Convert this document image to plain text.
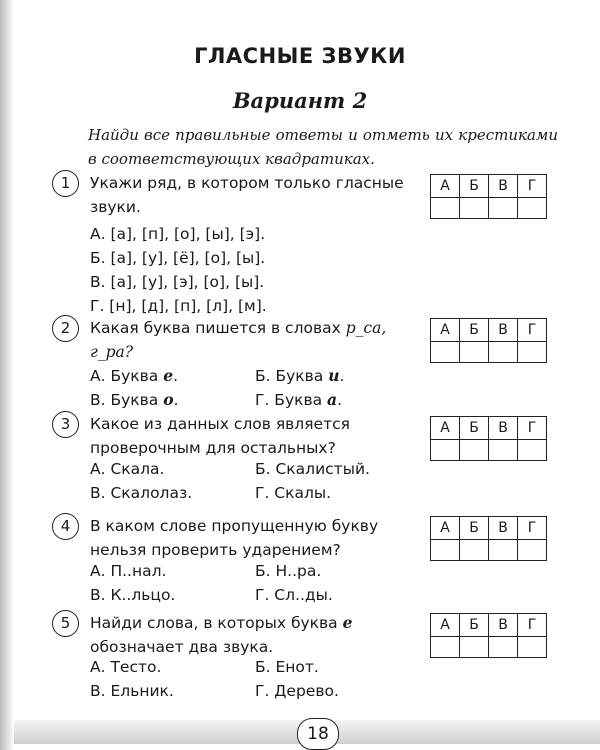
ГЛАСНЫЕ ЗВУКИ
Вариант 2
Найди все правильные ответы и отметь их крестиками в соответствующих квадратиках.
1	Укажи ряд, в котором только гласные звуки.
А. [а], [п], [о], [ы], [э].
Б. [а], [у], [ё], [о], [ы].
В. [а], [у], [э], [о], [ы].
Г. [н], [д], [п], [л], [м].
А	Б	В	Г

2	Какая буква пишется в словах р_са, г_ра?
А. Буква е.	Б. Буква и.
В. Буква о.	Г. Буква а.
А	Б	В	Г

3	Какое из данных слов является проверочным для остальных?
А. Скала.	Б. Скалистый.
В. Скалолаз.	Г. Скалы.
А	Б	В	Г

4	В каком слове пропущенную букву нельзя проверить ударением?
А. П..нал.	Б. Н..ра.
В. К..льцо.	Г. Сл..ды.
А	Б	В	Г

5	Найди слова, в которых буква е обозначает два звука.
А. Тесто.	Б. Енот.
В. Ельник.	Г. Дерево.
А	Б	В	Г

18
